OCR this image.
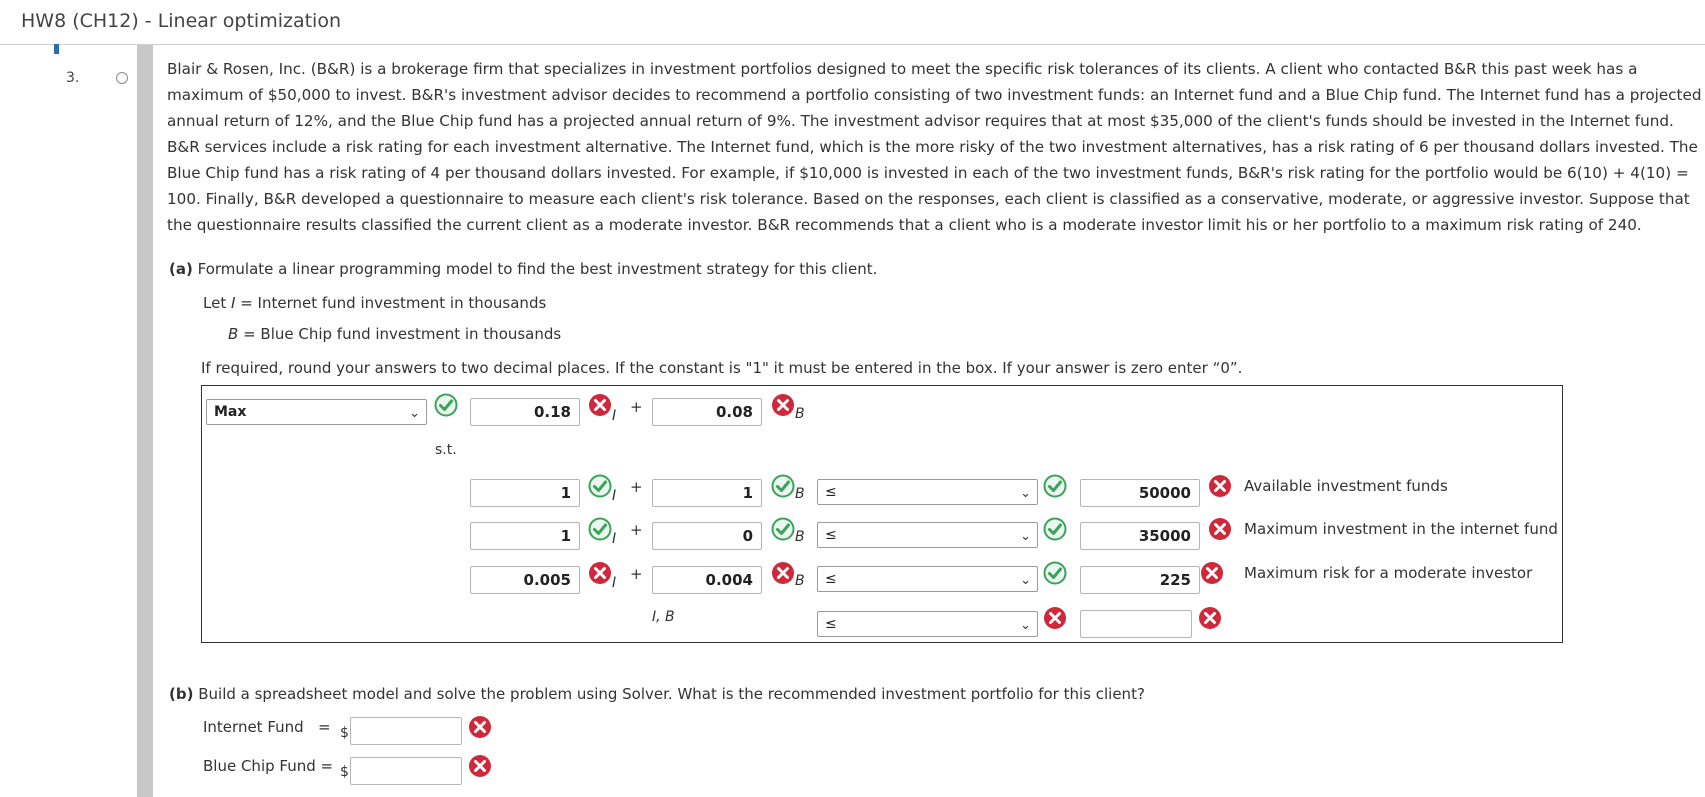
HW8 (CH12) - Linear optimization
3.	Blair & Rosen, Inc. (B&R) is a brokerage firm that specializes in investment portfolios designed to meet the specific risk tolerances of its clients. A client who contacted B&R this past week has a
maximum of $50,000 to invest. B&R's investment advisor decides to recommend a portfolio consisting of two investment funds: an Internet fund and a Blue Chip fund. The Internet fund has a projected
annual return of 12%, and the Blue Chip fund has a projected annual return of 9%. The investment advisor requires that at most $35,000 of the client's funds should be invested in the Internet fund.
B&R services include a risk rating for each investment alternative. The Internet fund, which is the more risky of the two investment alternatives, has a risk rating of 6 per thousand dollars invested. The
Blue Chip fund has a risk rating of 4 per thousand dollars invested. For example, if $10,000 is invested in each of the two investment funds, B&R's risk rating for the portfolio would be 6(10) + 4(10) =
100. Finally, B&R developed a questionnaire to measure each client's risk tolerance. Based on the responses, each client is classified as a conservative, moderate, or aggressive investor. Suppose that
the questionnaire results classified the current client as a moderate investor. B&R recommends that a client who is a moderate investor limit his or her portfolio to a maximum risk rating of 240.
(a) Formulate a linear programming model to find the best investment strategy for this client.
Let I = Internet fund investment in thousands
B = Blue Chip fund investment in thousands
If required, round your answers to two decimal places. If the constant is "1" it must be entered in the box. If your answer is zero enter “0”.
Max	⌄	0.18	I +	0.08	B
s.t.
1	I +	1	B	≤	⌄	50000	Available investment funds
1	I +	0	B	≤	⌄	35000	Maximum investment in the internet fund
0.005	I +	0.004	B	≤	⌄	225	Maximum risk for a moderate investor
I, B	≤	⌄
(b) Build a spreadsheet model and solve the problem using Solver. What is the recommended investment portfolio for this client?
Internet Fund = $
Blue Chip Fund = $
